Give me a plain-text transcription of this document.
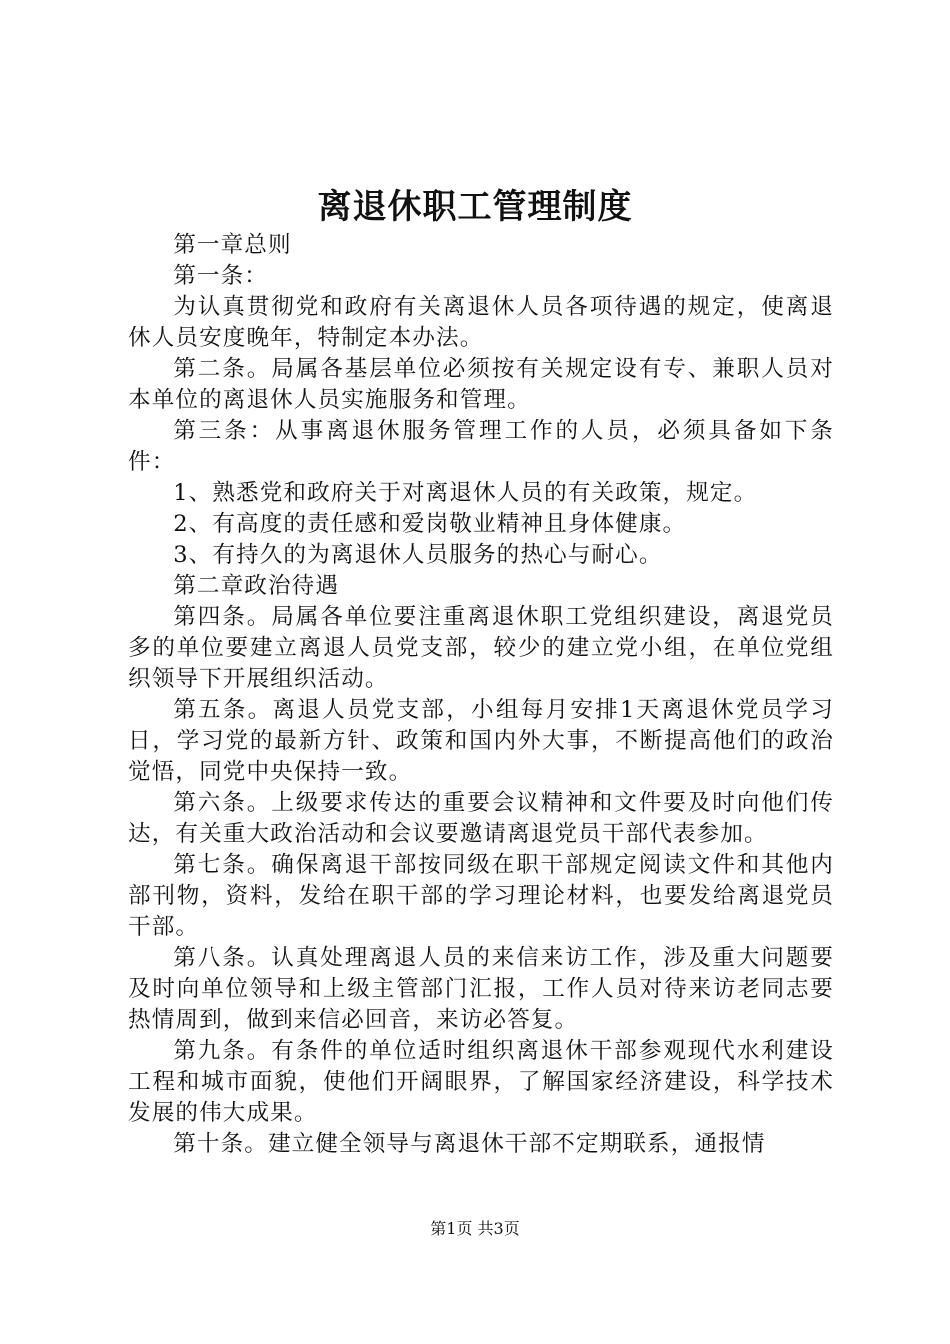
离退休职工管理制度

第一章总则

第一条：

为认真贯彻党和政府有关离退休人员各项待遇的规定，使离退休人员安度晚年，特制定本办法。

第二条。局属各基层单位必须按有关规定设有专、兼职人员对本单位的离退休人员实施服务和管理。

第三条：从事离退休服务管理工作的人员，必须具备如下条件：

1、熟悉党和政府关于对离退休人员的有关政策，规定。

2、有高度的责任感和爱岗敬业精神且身体健康。

3、有持久的为离退休人员服务的热心与耐心。

第二章政治待遇

第四条。局属各单位要注重离退休职工党组织建设，离退党员多的单位要建立离退人员党支部，较少的建立党小组，在单位党组织领导下开展组织活动。

第五条。离退人员党支部，小组每月安排1天离退休党员学习日，学习党的最新方针、政策和国内外大事，不断提高他们的政治觉悟，同党中央保持一致。

第六条。上级要求传达的重要会议精神和文件要及时向他们传达，有关重大政治活动和会议要邀请离退党员干部代表参加。

第七条。确保离退干部按同级在职干部规定阅读文件和其他内部刊物，资料，发给在职干部的学习理论材料，也要发给离退党员干部。

第八条。认真处理离退人员的来信来访工作，涉及重大问题要及时向单位领导和上级主管部门汇报，工作人员对待来访老同志要热情周到，做到来信必回音，来访必答复。

第九条。有条件的单位适时组织离退休干部参观现代水利建设工程和城市面貌，使他们开阔眼界，了解国家经济建设，科学技术发展的伟大成果。

第十条。建立健全领导与离退休干部不定期联系，通报情

第1页 共3页
